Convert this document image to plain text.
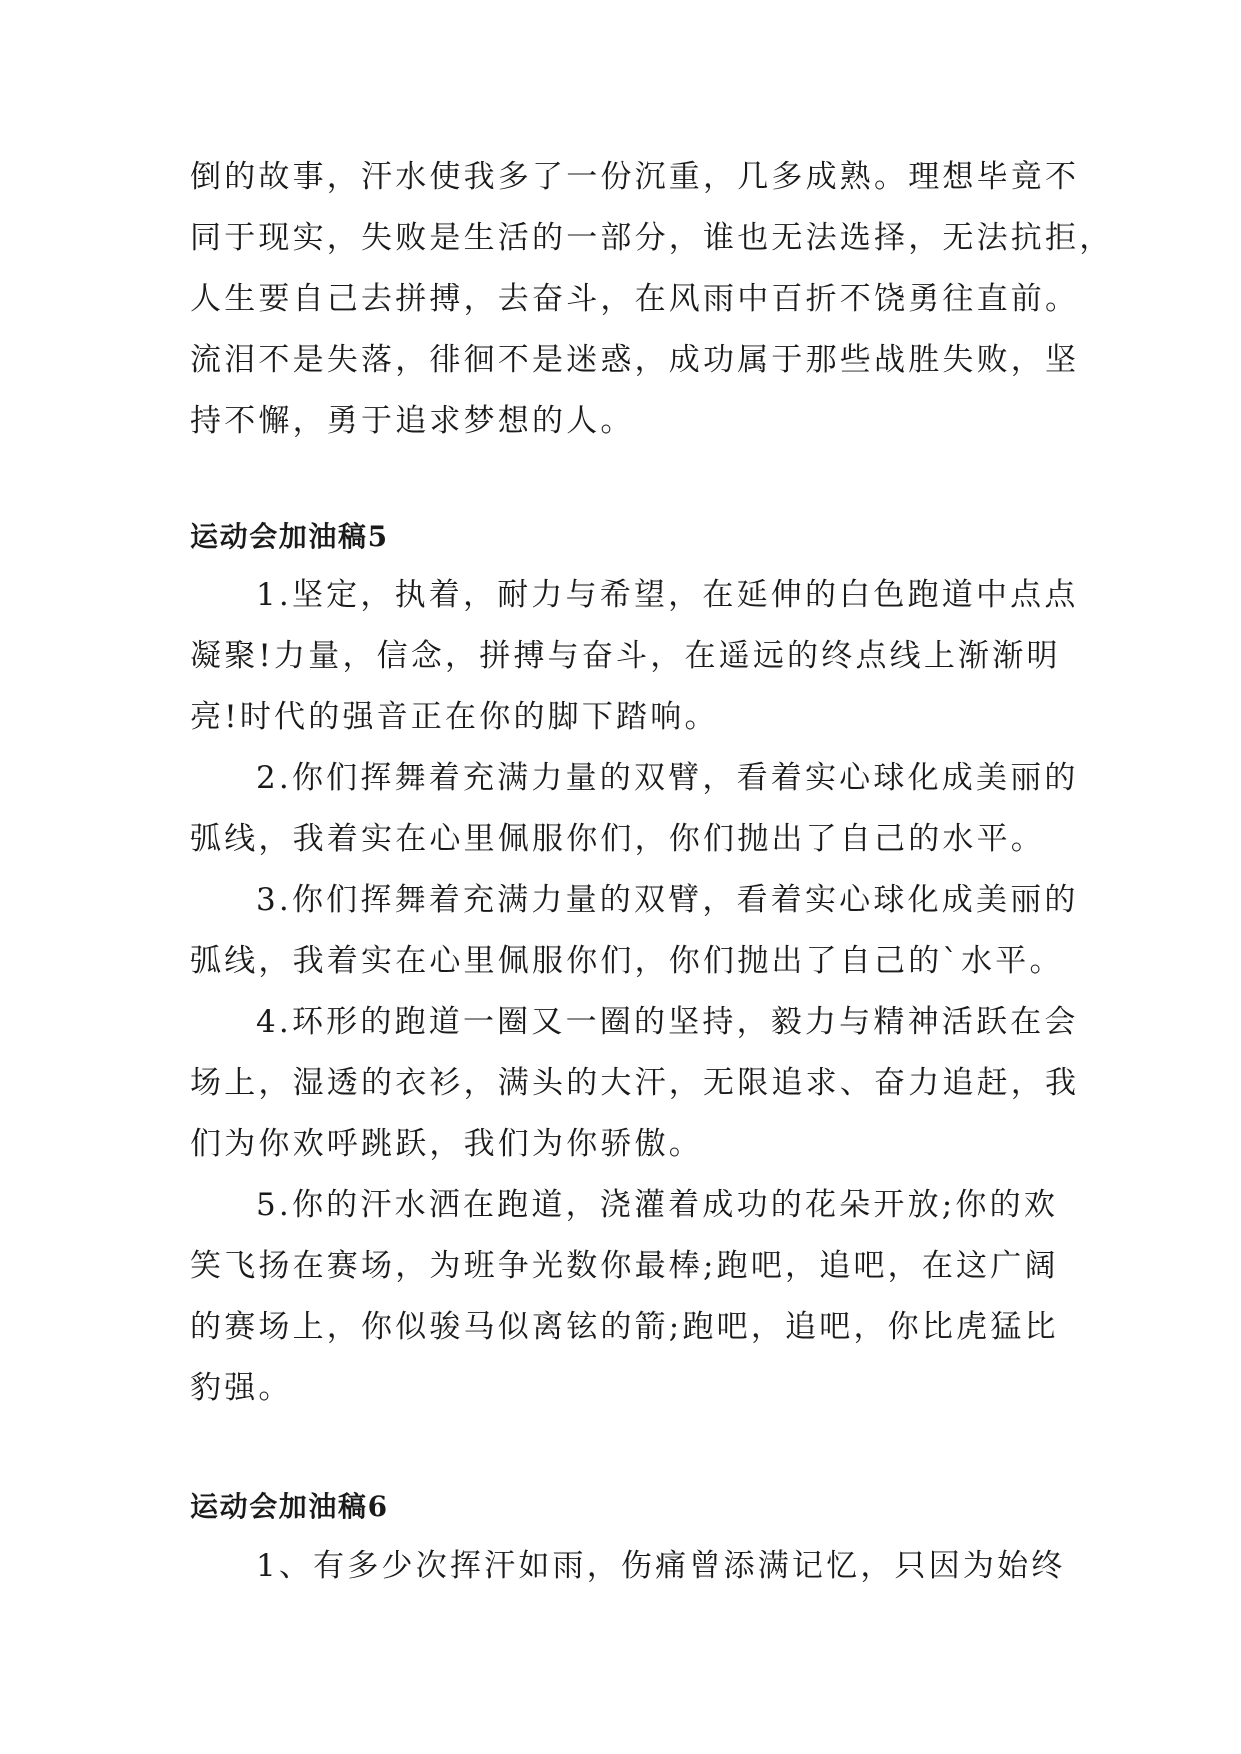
倒的故事，汗水使我多了一份沉重，几多成熟。理想毕竟不

同于现实，失败是生活的一部分，谁也无法选择，无法抗拒，

人生要自己去拼搏，去奋斗，在风雨中百折不饶勇往直前。

流泪不是失落，徘徊不是迷惑，成功属于那些战胜失败，坚

持不懈，勇于追求梦想的人。

运动会加油稿5

1.坚定，执着，耐力与希望，在延伸的白色跑道中点点

凝聚!力量，信念，拼搏与奋斗，在遥远的终点线上渐渐明

亮!时代的强音正在你的脚下踏响。

2.你们挥舞着充满力量的双臂，看着实心球化成美丽的

弧线，我着实在心里佩服你们，你们抛出了自己的水平。

3.你们挥舞着充满力量的双臂，看着实心球化成美丽的

弧线，我着实在心里佩服你们，你们抛出了自己的`水平。

4.环形的跑道一圈又一圈的坚持，毅力与精神活跃在会

场上，湿透的衣衫，满头的大汗，无限追求、奋力追赶，我

们为你欢呼跳跃，我们为你骄傲。

5.你的汗水洒在跑道，浇灌着成功的花朵开放;你的欢

笑飞扬在赛场，为班争光数你最棒;跑吧，追吧，在这广阔

的赛场上，你似骏马似离铉的箭;跑吧，追吧，你比虎猛比

豹强。

运动会加油稿6

1、有多少次挥汗如雨，伤痛曾添满记忆，只因为始终
